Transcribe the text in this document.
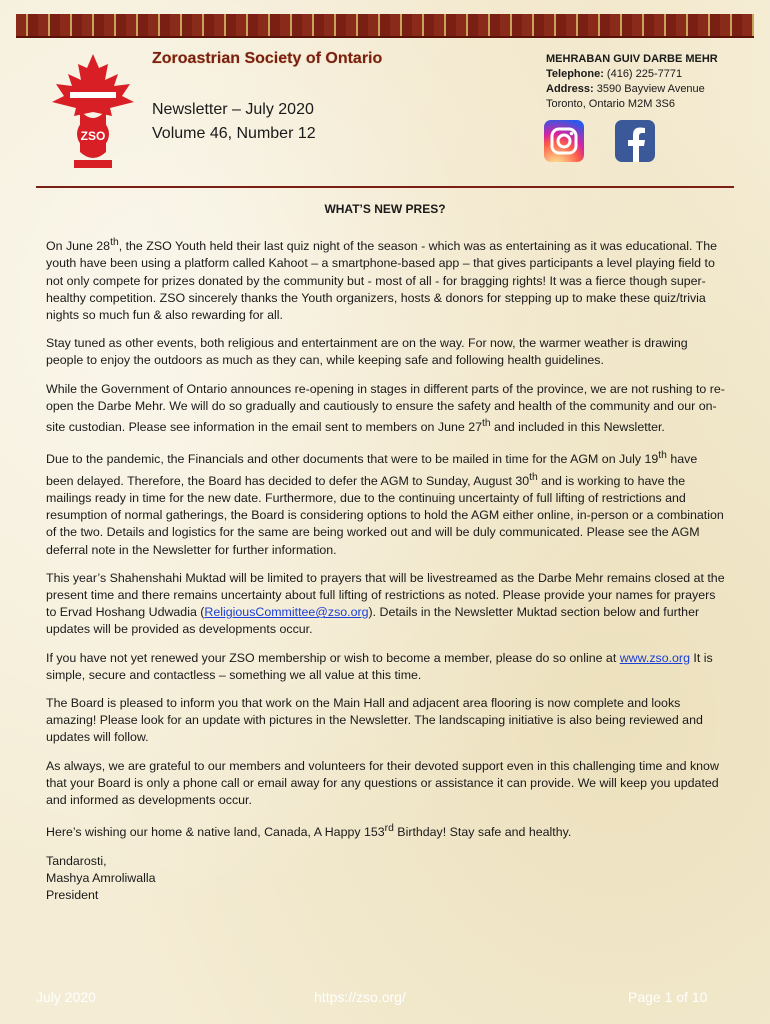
ZSO
Zoroastrian Society of Ontario
Newsletter – July 2020
Volume 46, Number 12
MEHRABAN GUIV DARBE MEHR
Telephone: (416) 225-7771
Address: 3590 Bayview Avenue
Toronto, Ontario M2M 3S6
WHAT’S NEW PRES?

On June 28th, the ZSO Youth held their last quiz night of the season - which was as entertaining as it was educational. The youth have been using a platform called Kahoot – a smartphone-based app – that gives participants a level playing field to not only compete for prizes donated by the community but - most of all - for bragging rights! It was a fierce though super-healthy competition. ZSO sincerely thanks the Youth organizers, hosts & donors for stepping up to make these quiz/trivia nights so much fun & also rewarding for all.

Stay tuned as other events, both religious and entertainment are on the way. For now, the warmer weather is drawing people to enjoy the outdoors as much as they can, while keeping safe and following health guidelines.

While the Government of Ontario announces re-opening in stages in different parts of the province, we are not rushing to re-open the Darbe Mehr. We will do so gradually and cautiously to ensure the safety and health of the community and our on-site custodian. Please see information in the email sent to members on June 27th and included in this Newsletter.

Due to the pandemic, the Financials and other documents that were to be mailed in time for the AGM on July 19th have been delayed. Therefore, the Board has decided to defer the AGM to Sunday, August 30th and is working to have the mailings ready in time for the new date. Furthermore, due to the continuing uncertainty of full lifting of restrictions and resumption of normal gatherings, the Board is considering options to hold the AGM either online, in-person or a combination of the two. Details and logistics for the same are being worked out and will be duly communicated. Please see the AGM deferral note in the Newsletter for further information.

This year’s Shahenshahi Muktad will be limited to prayers that will be livestreamed as the Darbe Mehr remains closed at the present time and there remains uncertainty about full lifting of restrictions as noted. Please provide your names for prayers to Ervad Hoshang Udwadia (ReligiousCommittee@zso.org). Details in the Newsletter Muktad section below and further updates will be provided as developments occur.

If you have not yet renewed your ZSO membership or wish to become a member, please do so online at www.zso.org It is simple, secure and contactless – something we all value at this time.

The Board is pleased to inform you that work on the Main Hall and adjacent area flooring is now complete and looks amazing! Please look for an update with pictures in the Newsletter. The landscaping initiative is also being reviewed and updates will follow.

As always, we are grateful to our members and volunteers for their devoted support even in this challenging time and know that your Board is only a phone call or email away for any questions or assistance it can provide. We will keep you updated and informed as developments occur.

Here’s wishing our home & native land, Canada, A Happy 153rd Birthday! Stay safe and healthy.

Tandarosti,
Mashya Amroliwalla
President
July 2020	https://zso.org/	Page 1 of 10
